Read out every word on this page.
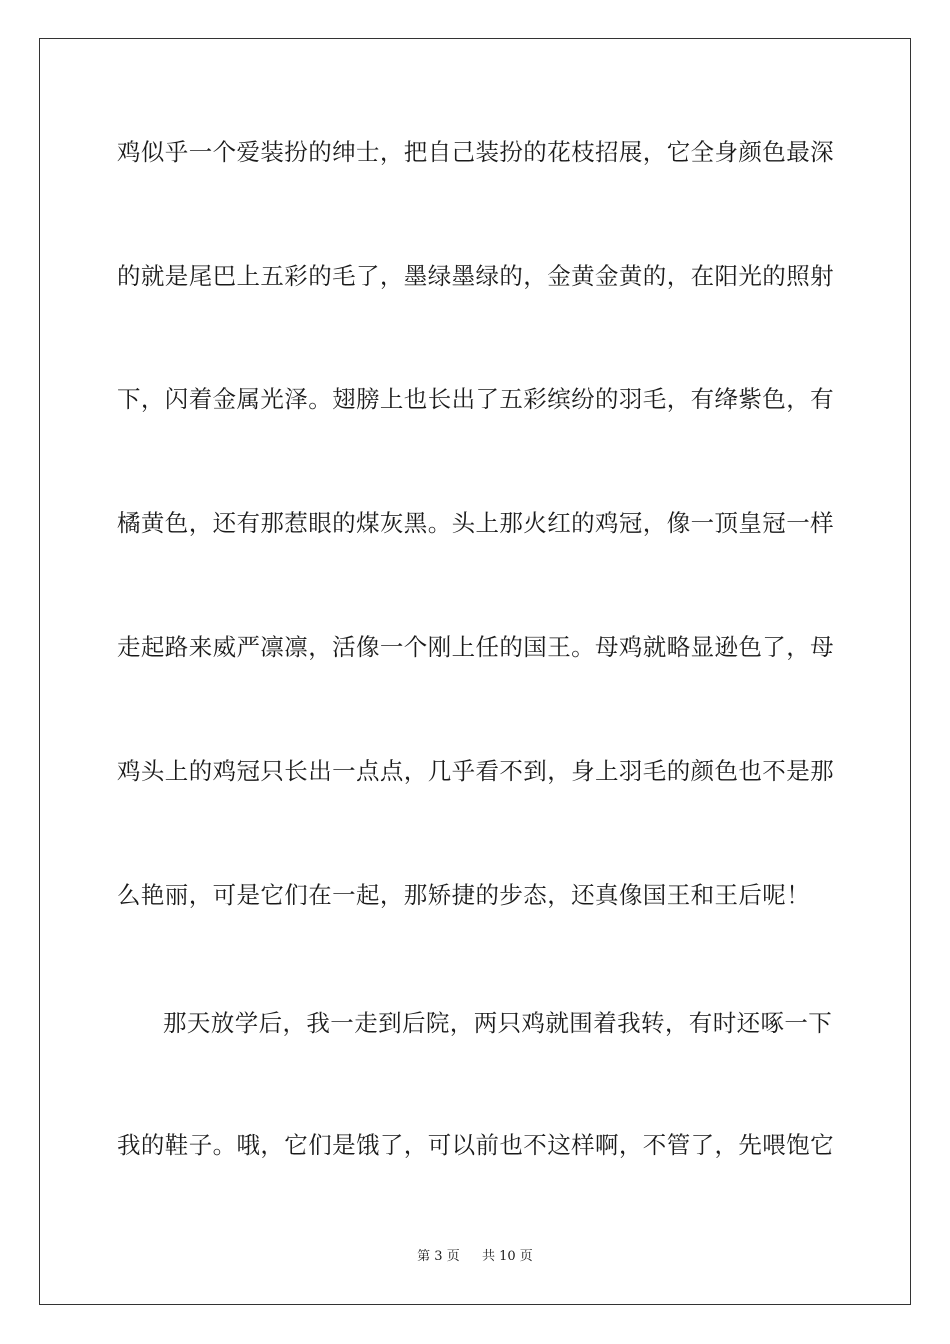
鸡似乎一个爱装扮的绅士，把自己装扮的花枝招展，它全身颜色最深
的就是尾巴上五彩的毛了，墨绿墨绿的，金黄金黄的，在阳光的照射
下，闪着金属光泽。翅膀上也长出了五彩缤纷的羽毛，有绛紫色，有
橘黄色，还有那惹眼的煤灰黑。头上那火红的鸡冠，像一顶皇冠一样
走起路来威严凛凛，活像一个刚上任的国王。母鸡就略显逊色了，母
鸡头上的鸡冠只长出一点点，几乎看不到，身上羽毛的颜色也不是那
么艳丽，可是它们在一起，那矫捷的步态，还真像国王和王后呢！
那天放学后，我一走到后院，两只鸡就围着我转，有时还啄一下
我的鞋子。哦，它们是饿了，可以前也不这样啊，不管了，先喂饱它
第 3 页 共 10 页
